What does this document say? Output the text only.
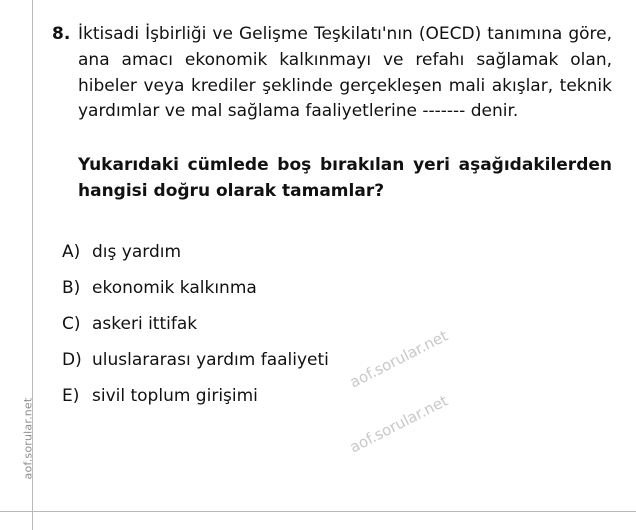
aof.sorular.net
aof.sorular.net
aof.sorular.net
8. İktisadi İşbirliği ve Gelişme Teşkilatı'nın (OECD) tanımına göre, ana amacı ekonomik kalkınmayı ve refahı sağlamak olan, hibeler veya krediler şeklinde gerçekleşen mali akışlar, teknik yardımlar ve mal sağlama faaliyetlerine ------- denir.

Yukarıdaki cümlede boş bırakılan yeri aşağıdakilerden hangisi doğru olarak tamamlar?

A) dış yardım
B) ekonomik kalkınma
C) askeri ittifak
D) uluslararası yardım faaliyeti
E) sivil toplum girişimi
